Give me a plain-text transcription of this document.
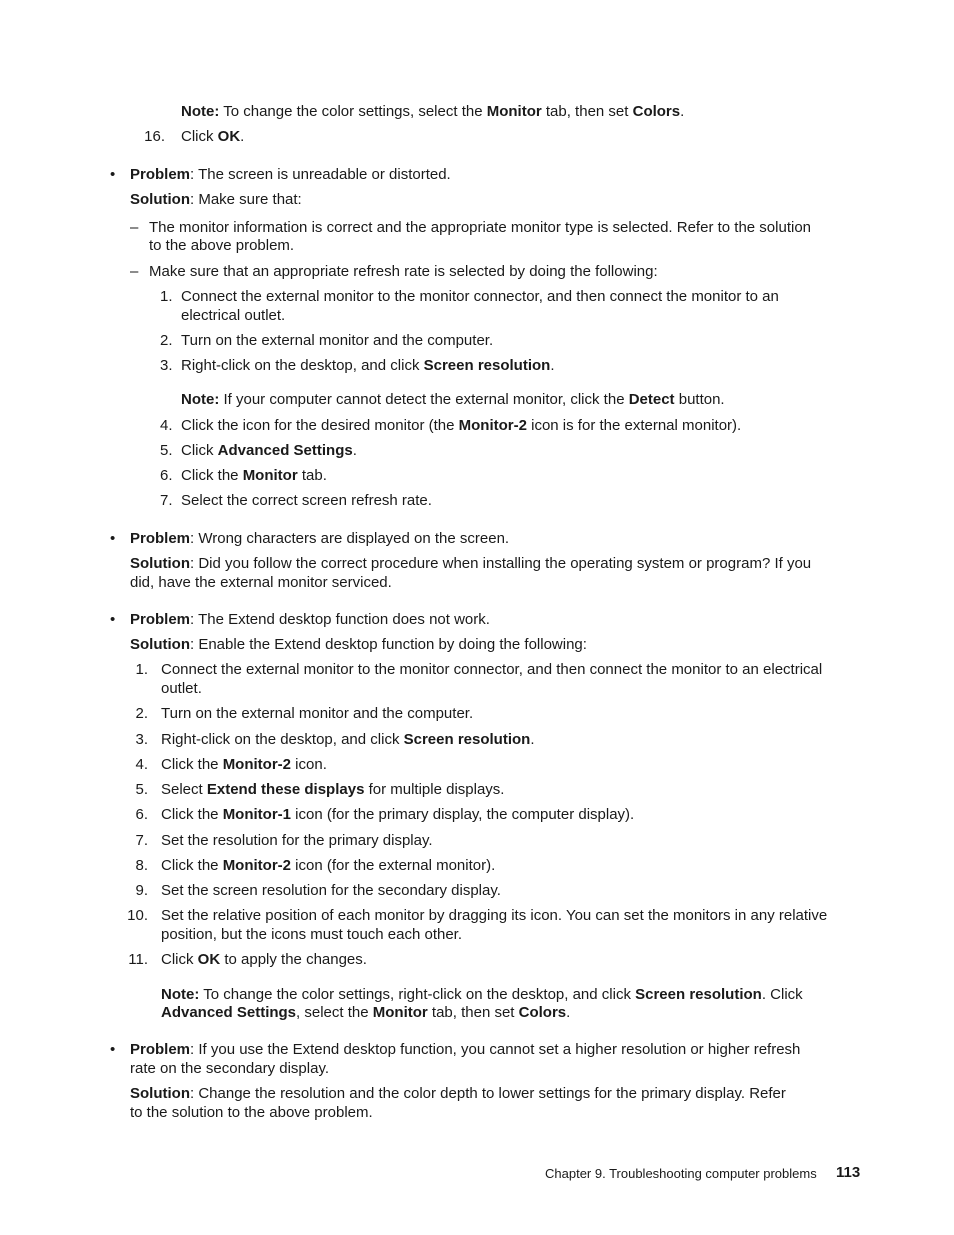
Note: To change the color settings, select the Monitor tab, then set Colors.
16. Click OK.
• Problem: The screen is unreadable or distorted.
Solution: Make sure that:
– The monitor information is correct and the appropriate monitor type is selected. Refer to the solution
to the above problem.
– Make sure that an appropriate refresh rate is selected by doing the following:
1. Connect the external monitor to the monitor connector, and then connect the monitor to an
electrical outlet.
2. Turn on the external monitor and the computer.
3. Right-click on the desktop, and click Screen resolution.
Note: If your computer cannot detect the external monitor, click the Detect button.
4. Click the icon for the desired monitor (the Monitor-2 icon is for the external monitor).
5. Click Advanced Settings.
6. Click the Monitor tab.
7. Select the correct screen refresh rate.
• Problem: Wrong characters are displayed on the screen.
Solution: Did you follow the correct procedure when installing the operating system or program? If you
did, have the external monitor serviced.
• Problem: The Extend desktop function does not work.
Solution: Enable the Extend desktop function by doing the following:
1. Connect the external monitor to the monitor connector, and then connect the monitor to an electrical
outlet.
2. Turn on the external monitor and the computer.
3. Right-click on the desktop, and click Screen resolution.
4. Click the Monitor-2 icon.
5. Select Extend these displays for multiple displays.
6. Click the Monitor-1 icon (for the primary display, the computer display).
7. Set the resolution for the primary display.
8. Click the Monitor-2 icon (for the external monitor).
9. Set the screen resolution for the secondary display.
10. Set the relative position of each monitor by dragging its icon. You can set the monitors in any relative
position, but the icons must touch each other.
11. Click OK to apply the changes.
Note: To change the color settings, right-click on the desktop, and click Screen resolution. Click
Advanced Settings, select the Monitor tab, then set Colors.
• Problem: If you use the Extend desktop function, you cannot set a higher resolution or higher refresh
rate on the secondary display.
Solution: Change the resolution and the color depth to lower settings for the primary display. Refer
to the solution to the above problem.
Chapter 9. Troubleshooting computer problems 113
